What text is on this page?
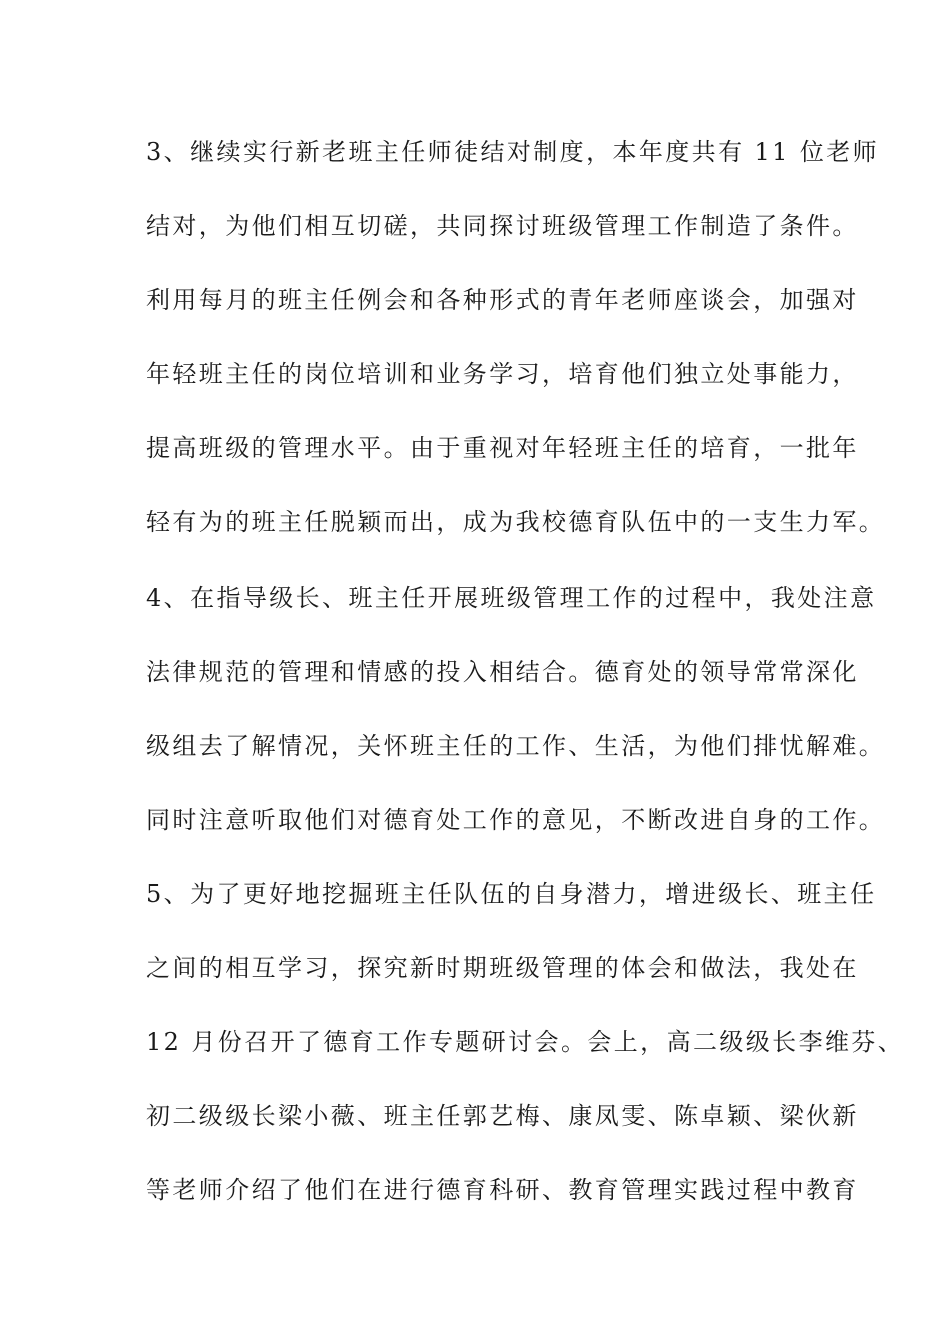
3、继续实行新老班主任师徒结对制度，本年度共有 11 位老师
结对，为他们相互切磋，共同探讨班级管理工作制造了条件。
利用每月的班主任例会和各种形式的青年老师座谈会，加强对
年轻班主任的岗位培训和业务学习，培育他们独立处事能力，
提高班级的管理水平。由于重视对年轻班主任的培育，一批年
轻有为的班主任脱颖而出，成为我校德育队伍中的一支生力军。
4、在指导级长、班主任开展班级管理工作的过程中，我处注意
法律规范的管理和情感的投入相结合。德育处的领导常常深化
级组去了解情况，关怀班主任的工作、生活，为他们排忧解难。
同时注意听取他们对德育处工作的意见，不断改进自身的工作。
5、为了更好地挖掘班主任队伍的自身潜力，增进级长、班主任
之间的相互学习，探究新时期班级管理的体会和做法，我处在
12 月份召开了德育工作专题研讨会。会上，高二级级长李维芬、
初二级级长梁小薇、班主任郭艺梅、康凤雯、陈卓颖、梁伙新
等老师介绍了他们在进行德育科研、教育管理实践过程中教育
